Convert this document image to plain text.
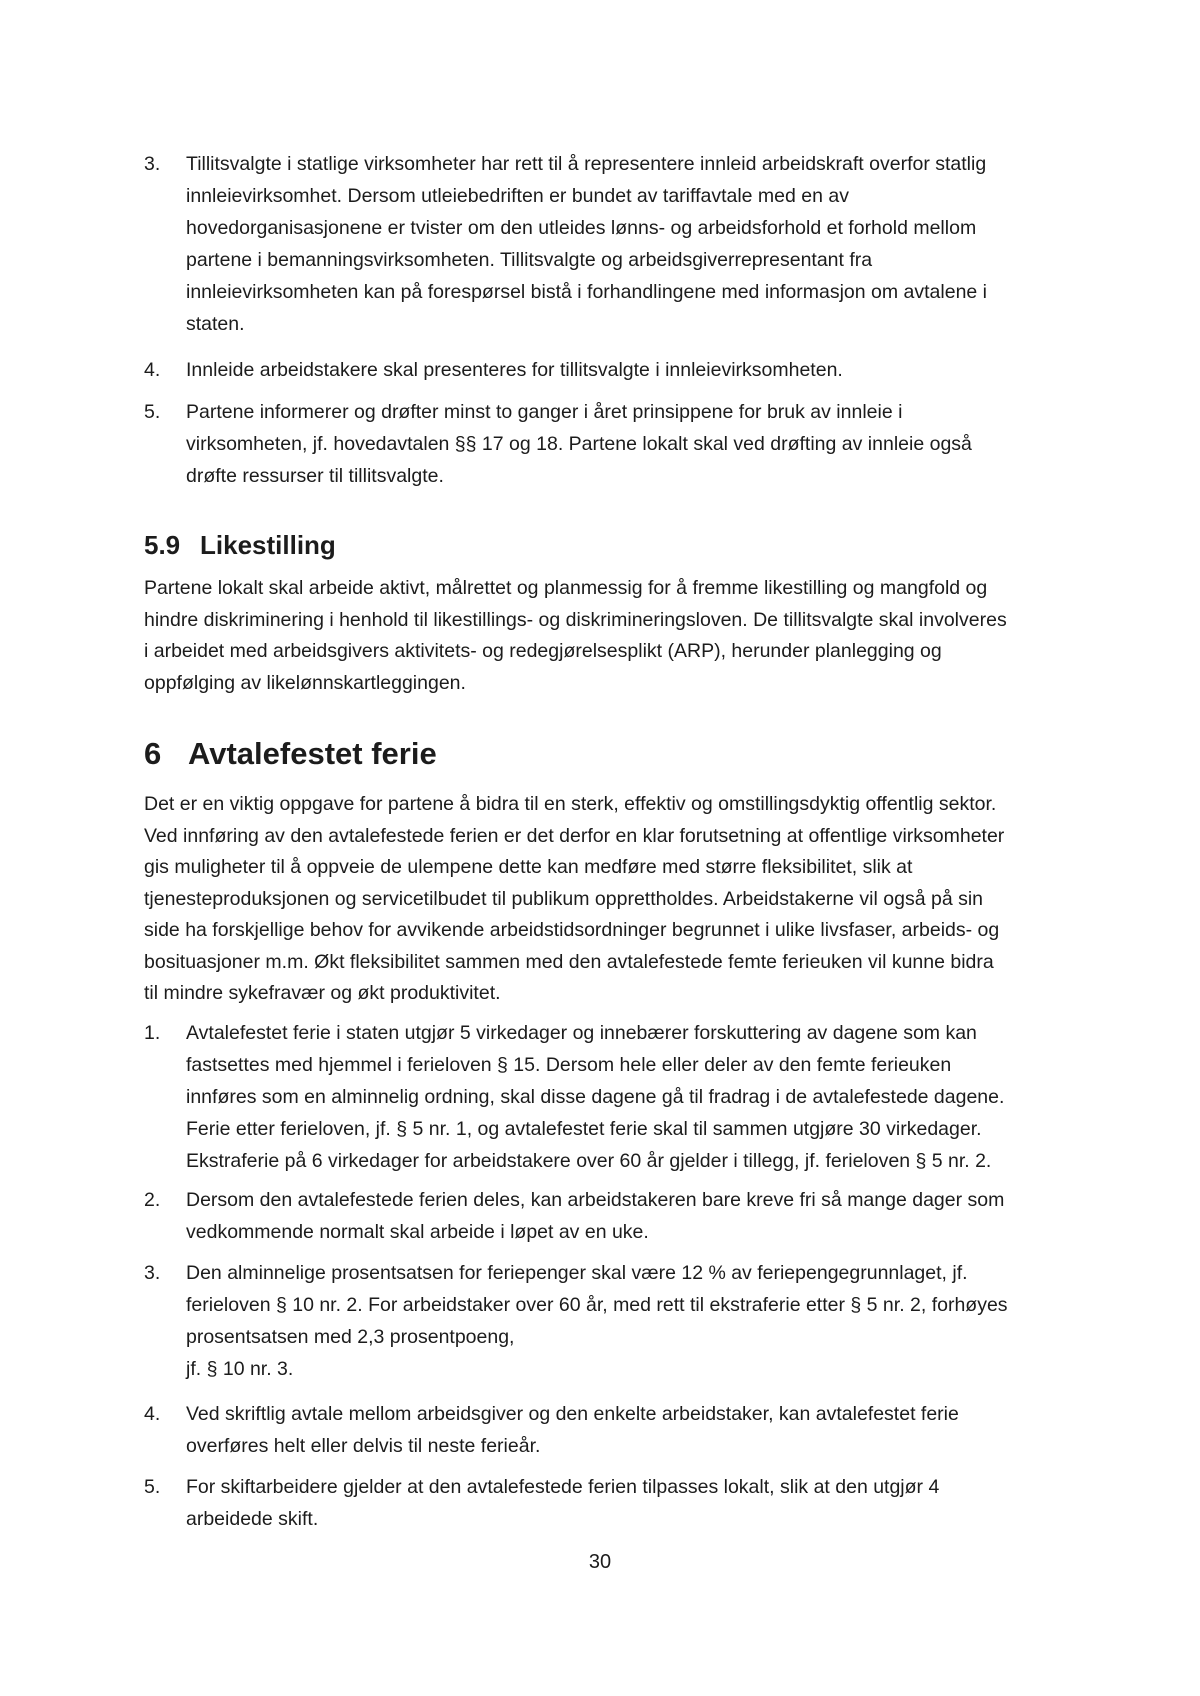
3.	Tillitsvalgte i statlige virksomheter har rett til å representere innleid arbeidskraft overfor statlig
innleievirksomhet. Dersom utleiebedriften er bundet av tariffavtale med en av
hovedorganisasjonene er tvister om den utleides lønns- og arbeidsforhold et forhold mellom
partene i bemanningsvirksomheten. Tillitsvalgte og arbeidsgiverrepresentant fra
innleievirksomheten kan på forespørsel bistå i forhandlingene med informasjon om avtalene i
staten.
4.	Innleide arbeidstakere skal presenteres for tillitsvalgte i innleievirksomheten.
5.	Partene informerer og drøfter minst to ganger i året prinsippene for bruk av innleie i
virksomheten, jf. hovedavtalen §§ 17 og 18. Partene lokalt skal ved drøfting av innleie også
drøfte ressurser til tillitsvalgte.
5.9 Likestilling
Partene lokalt skal arbeide aktivt, målrettet og planmessig for å fremme likestilling og mangfold og
hindre diskriminering i henhold til likestillings- og diskrimineringsloven. De tillitsvalgte skal involveres
i arbeidet med arbeidsgivers aktivitets- og redegjørelsesplikt (ARP), herunder planlegging og
oppfølging av likelønnskartleggingen.
6 Avtalefestet ferie
Det er en viktig oppgave for partene å bidra til en sterk, effektiv og omstillingsdyktig offentlig sektor.
Ved innføring av den avtalefestede ferien er det derfor en klar forutsetning at offentlige virksomheter
gis muligheter til å oppveie de ulempene dette kan medføre med større fleksibilitet, slik at
tjenesteproduksjonen og servicetilbudet til publikum opprettholdes. Arbeidstakerne vil også på sin
side ha forskjellige behov for avvikende arbeidstidsordninger begrunnet i ulike livsfaser, arbeids- og
bosituasjoner m.m. Økt fleksibilitet sammen med den avtalefestede femte ferieuken vil kunne bidra
til mindre sykefravær og økt produktivitet.
1.	Avtalefestet ferie i staten utgjør 5 virkedager og innebærer forskuttering av dagene som kan
fastsettes med hjemmel i ferieloven § 15. Dersom hele eller deler av den femte ferieuken
innføres som en alminnelig ordning, skal disse dagene gå til fradrag i de avtalefestede dagene.
Ferie etter ferieloven, jf. § 5 nr. 1, og avtalefestet ferie skal til sammen utgjøre 30 virkedager.
Ekstraferie på 6 virkedager for arbeidstakere over 60 år gjelder i tillegg, jf. ferieloven § 5 nr. 2.
2.	Dersom den avtalefestede ferien deles, kan arbeidstakeren bare kreve fri så mange dager som
vedkommende normalt skal arbeide i løpet av en uke.
3.	Den alminnelige prosentsatsen for feriepenger skal være 12 % av feriepengegrunnlaget, jf.
ferieloven § 10 nr. 2. For arbeidstaker over 60 år, med rett til ekstraferie etter § 5 nr. 2, forhøyes
prosentsatsen med 2,3 prosentpoeng,
jf. § 10 nr. 3.
4.	Ved skriftlig avtale mellom arbeidsgiver og den enkelte arbeidstaker, kan avtalefestet ferie
overføres helt eller delvis til neste ferieår.
5.	For skiftarbeidere gjelder at den avtalefestede ferien tilpasses lokalt, slik at den utgjør 4
arbeidede skift.
30
